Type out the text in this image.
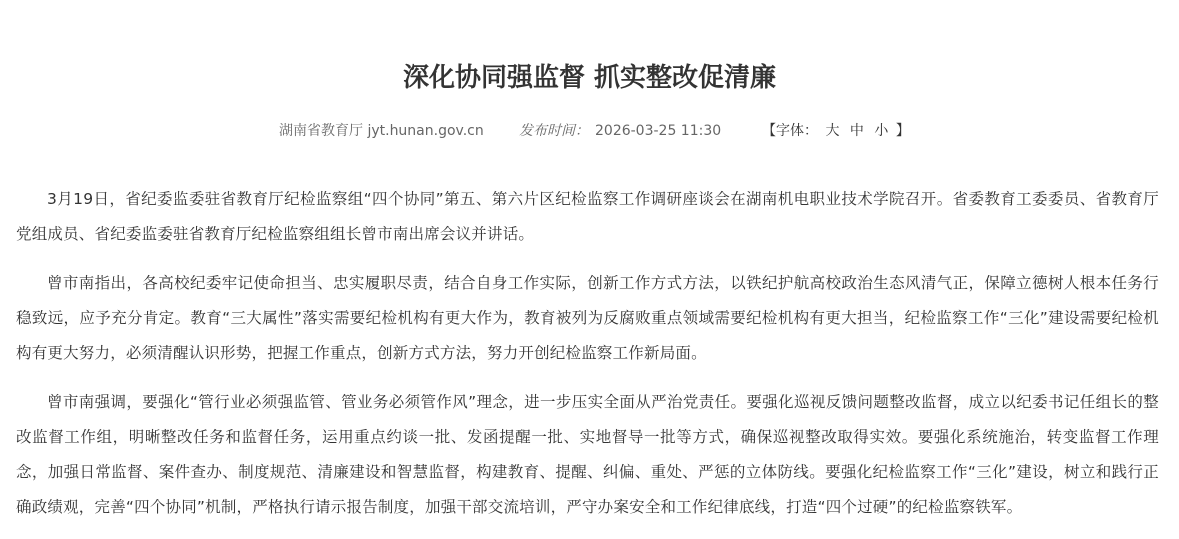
深化协同强监督 抓实整改促清廉
湖南省教育厅 jyt.hunan.gov.cn	发布时间： 2026-03-25 11:30	【字体： 大 中 小 】

3月19日，省纪委监委驻省教育厅纪检监察组“四个协同”第五、第六片区纪检监察工作调研座谈会在湖南机电职业技术学院召开。省委教育工委委员、省教育厅党组成员、省纪委监委驻省教育厅纪检监察组组长曾市南出席会议并讲话。

曾市南指出，各高校纪委牢记使命担当、忠实履职尽责，结合自身工作实际，创新工作方式方法，以铁纪护航高校政治生态风清气正，保障立德树人根本任务行稳致远，应予充分肯定。教育“三大属性”落实需要纪检机构有更大作为，教育被列为反腐败重点领域需要纪检机构有更大担当，纪检监察工作“三化”建设需要纪检机构有更大努力，必须清醒认识形势，把握工作重点，创新方式方法，努力开创纪检监察工作新局面。

曾市南强调，要强化“管行业必须强监管、管业务必须管作风”理念，进一步压实全面从严治党责任。要强化巡视反馈问题整改监督，成立以纪委书记任组长的整改监督工作组，明晰整改任务和监督任务，运用重点约谈一批、发函提醒一批、实地督导一批等方式，确保巡视整改取得实效。要强化系统施治，转变监督工作理念，加强日常监督、案件查办、制度规范、清廉建设和智慧监督，构建教育、提醒、纠偏、重处、严惩的立体防线。要强化纪检监察工作“三化”建设，树立和践行正确政绩观，完善“四个协同”机制，严格执行请示报告制度，加强干部交流培训，严守办案安全和工作纪律底线，打造“四个过硬”的纪检监察铁军。
